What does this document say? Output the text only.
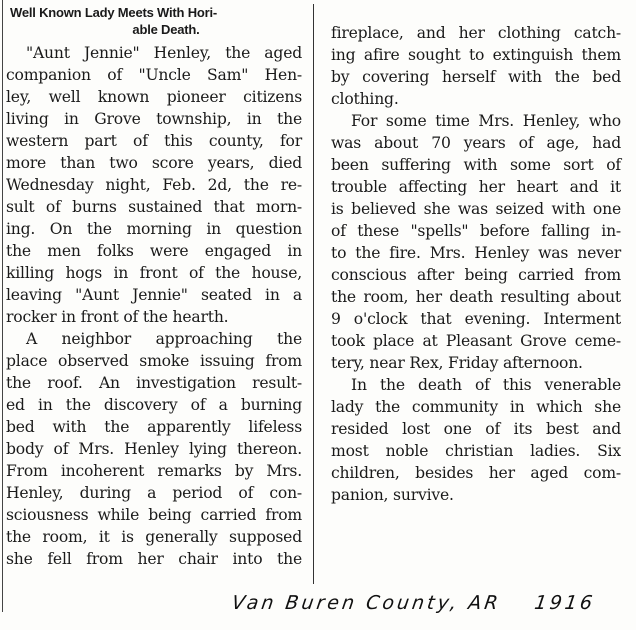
Well Known Lady Meets With Hori-
able Death.
"Aunt Jennie" Henley, the aged
companion of "Uncle Sam" Hen-
ley, well known pioneer citizens
living in Grove township, in the
western part of this county, for
more than two score years, died
Wednesday night, Feb. 2d, the re-
sult of burns sustained that morn-
ing. On the morning in question
the men folks were engaged in
killing hogs in front of the house,
leaving "Aunt Jennie" seated in a
rocker in front of the hearth.
A neighbor approaching the
place observed smoke issuing from
the roof. An investigation result-
ed in the discovery of a burning
bed with the apparently lifeless
body of Mrs. Henley lying thereon.
From incoherent remarks by Mrs.
Henley, during a period of con-
sciousness while being carried from
the room, it is generally supposed
she fell from her chair into the
fireplace, and her clothing catch-
ing afire sought to extinguish them
by covering herself with the bed
clothing.
For some time Mrs. Henley, who
was about 70 years of age, had
been suffering with some sort of
trouble affecting her heart and it
is believed she was seized with one
of these "spells" before falling in-
to the fire. Mrs. Henley was never
conscious after being carried from
the room, her death resulting about
9 o'clock that evening. Interment
took place at Pleasant Grove ceme-
tery, near Rex, Friday afternoon.
In the death of this venerable
lady the community in which she
resided lost one of its best and
most noble christian ladies. Six
children, besides her aged com-
panion, survive.
Van Buren County, AR 1916
